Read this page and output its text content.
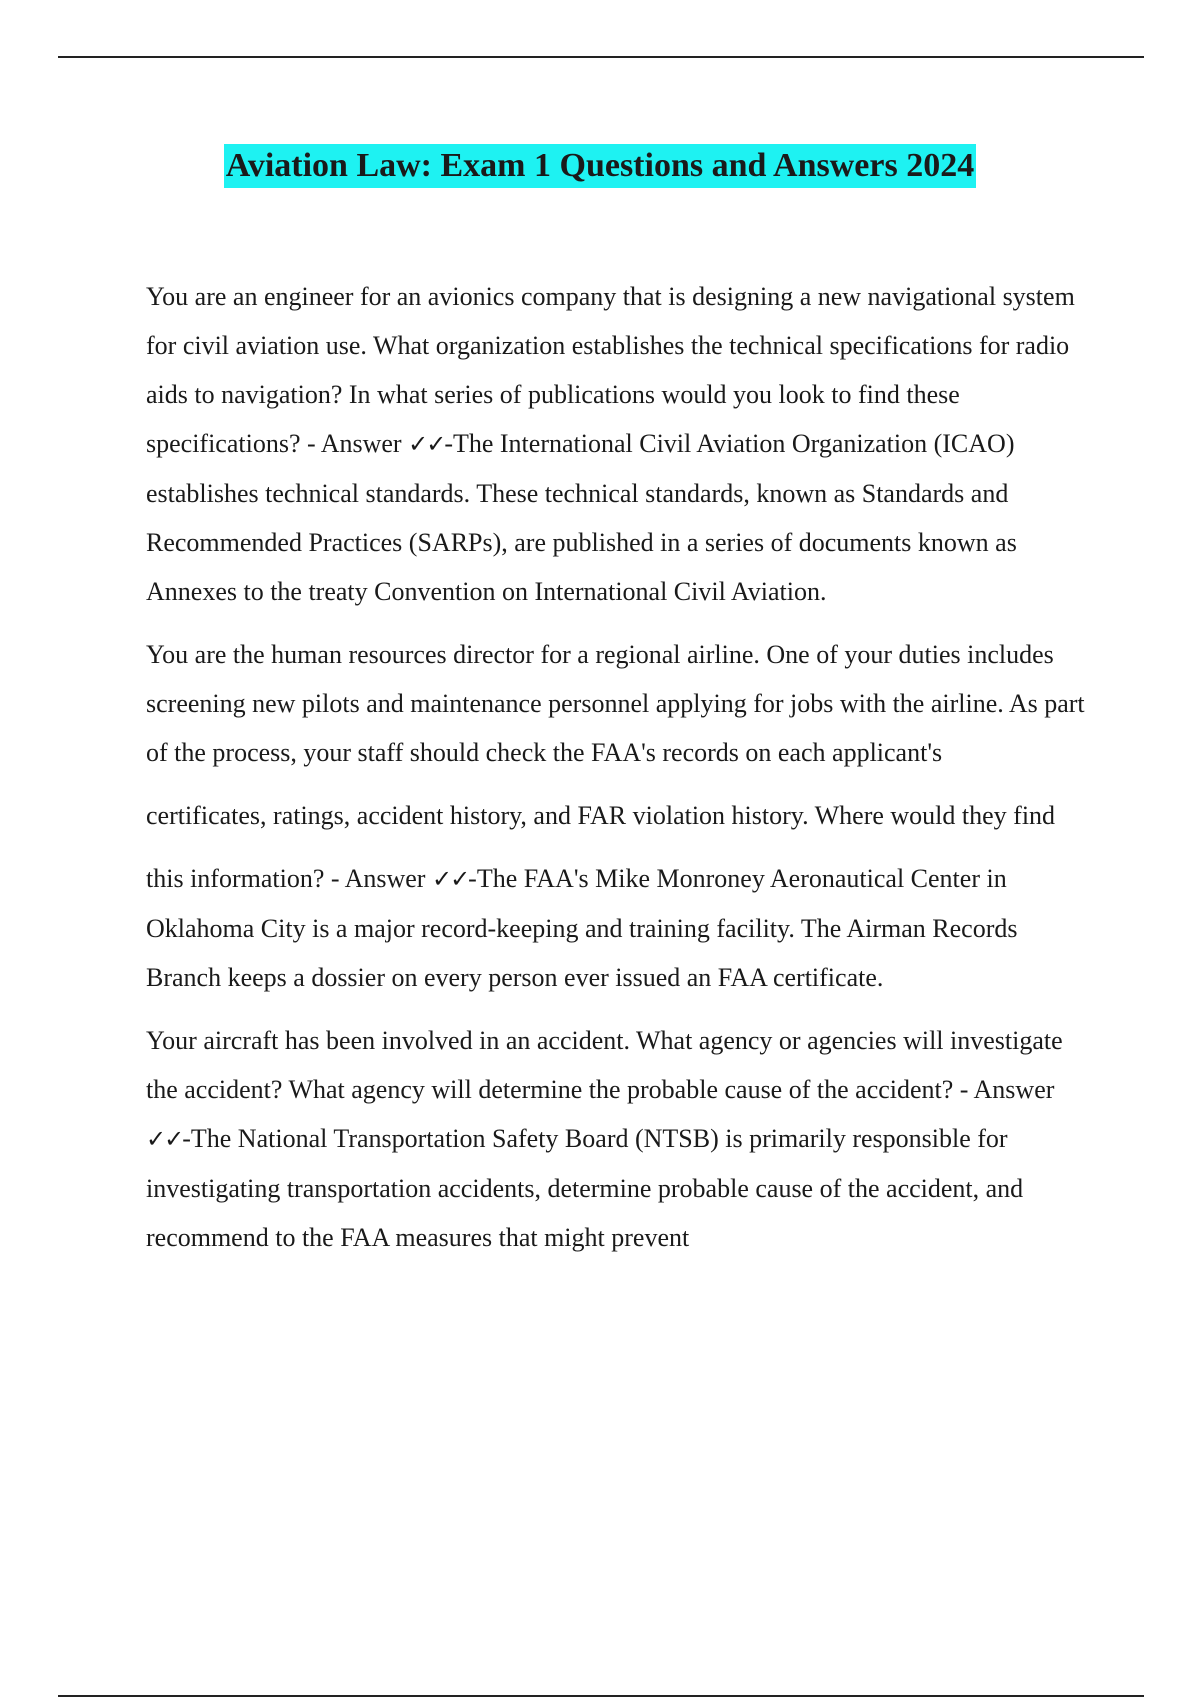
Aviation Law: Exam 1 Questions and Answers 2024

You are an engineer for an avionics company that is designing a new navigational system for civil aviation use. What organization establishes the technical specifications for radio aids to navigation? In what series of publications would you look to find these specifications? - Answer ✓✓-The International Civil Aviation Organization (ICAO) establishes technical standards. These technical standards, known as Standards and Recommended Practices (SARPs), are published in a series of documents known as Annexes to the treaty Convention on International Civil Aviation.

You are the human resources director for a regional airline. One of your duties includes screening new pilots and maintenance personnel applying for jobs with the airline. As part of the process, your staff should check the FAA's records on each applicant's

certificates, ratings, accident history, and FAR violation history. Where would they find

this information? - Answer ✓✓-The FAA's Mike Monroney Aeronautical Center in Oklahoma City is a major record-keeping and training facility. The Airman Records Branch keeps a dossier on every person ever issued an FAA certificate.

Your aircraft has been involved in an accident. What agency or agencies will investigate the accident? What agency will determine the probable cause of the accident? - Answer ✓✓-The National Transportation Safety Board (NTSB) is primarily responsible for investigating transportation accidents, determine probable cause of the accident, and recommend to the FAA measures that might prevent
